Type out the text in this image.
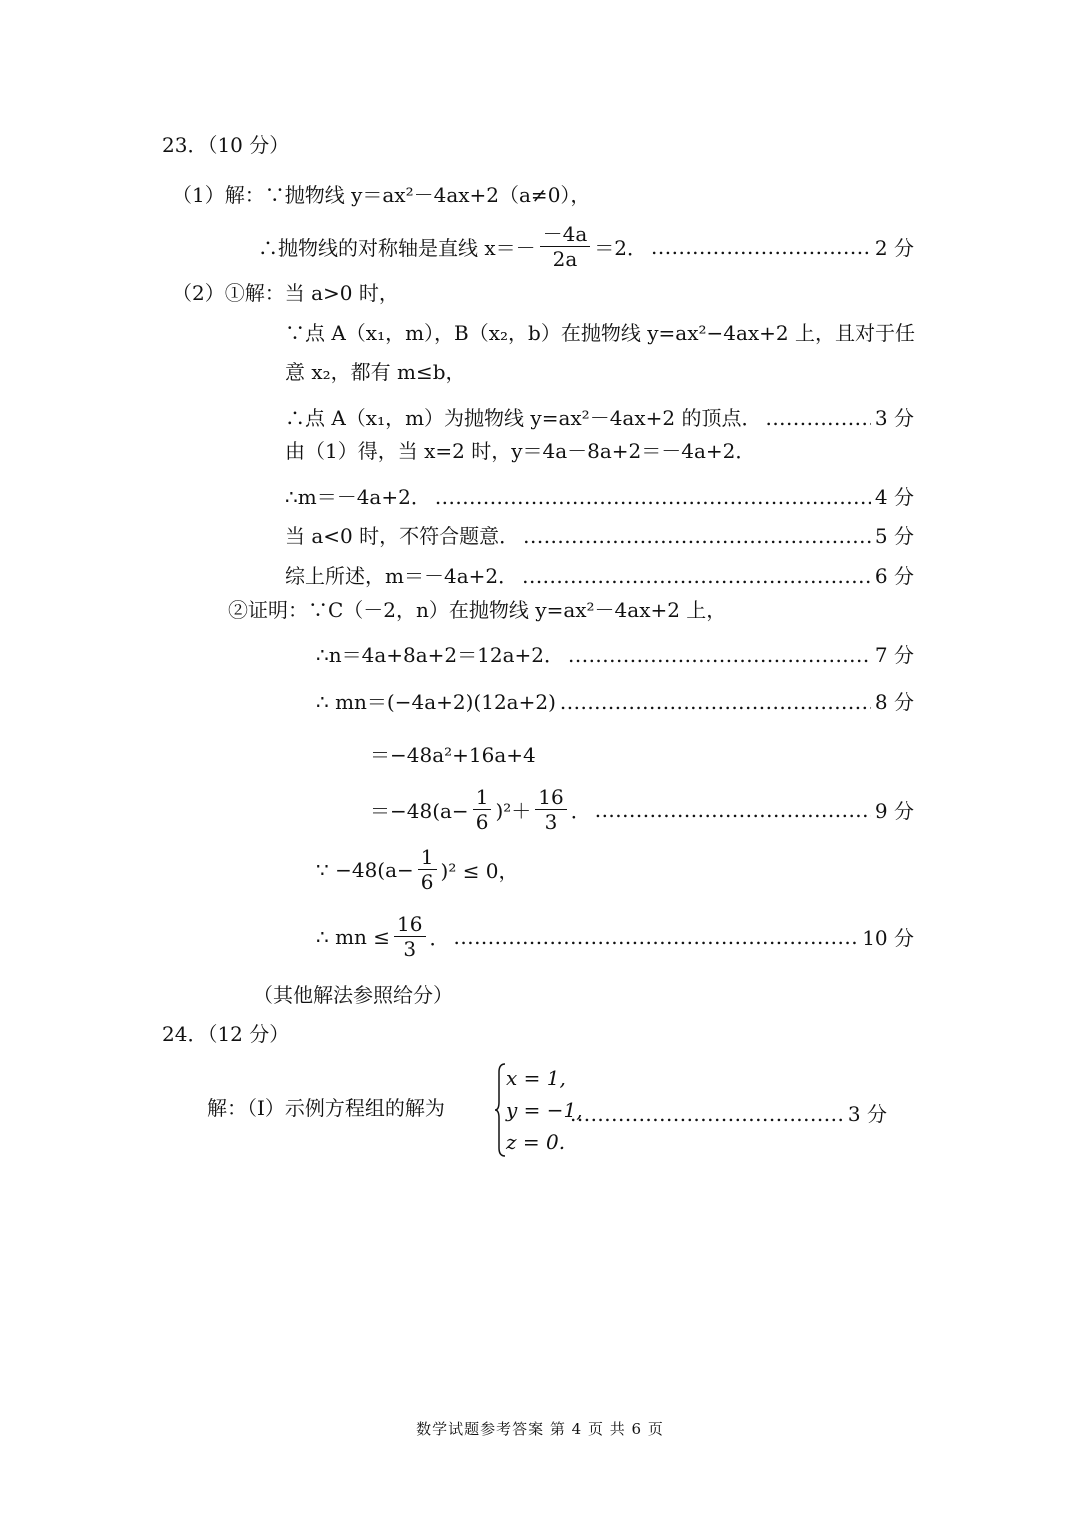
23．（10 分）
（1）解：∵抛物线 y＝ax²－4ax+2（a≠0），
∴抛物线的对称轴是直线 $x=- \frac{-4a}{2a} =2$． .....	2 分
（2）①解：当 a>0 时，
∵点 A（x₁，m），B（x₂，b）在抛物线 y=ax²−4ax+2 上，且对于任
意 x₂，都有 m≤b，
∴点 A（x₁，m）为抛物线 y=ax²－4ax+2 的顶点． .....	3 分
由（1）得，当 x=2 时，y＝4a－8a+2＝－4a+2．
∴m＝－4a+2． .....	4 分
当 a<0 时，不符合题意． .....	5 分
综上所述，m＝－4a+2． .....	6 分
②证明：∵C（－2，n）在抛物线 y=ax²－4ax+2 上，
∴n＝4a+8a+2＝12a+2． .....	7 分
∴ mn＝(−4a+2)(12a+2) .....	8 分
＝−48a²+16a+4
$=-48(a- \frac{1}{6} )^2+ \frac{16}{3}$ ． .....	9 分
∵ $-48(a- \frac{1}{6} )^2 \le 0$，
∴ mn ≤ $\frac{16}{3}$ ． .....	10 分
（其他解法参照给分）
24．（12 分）
解：（Ⅰ）示例方程组的解为
x = 1,
y = −1,
z = 0.
.....
3 分
数学试题参考答案 第 4 页 共 6 页
